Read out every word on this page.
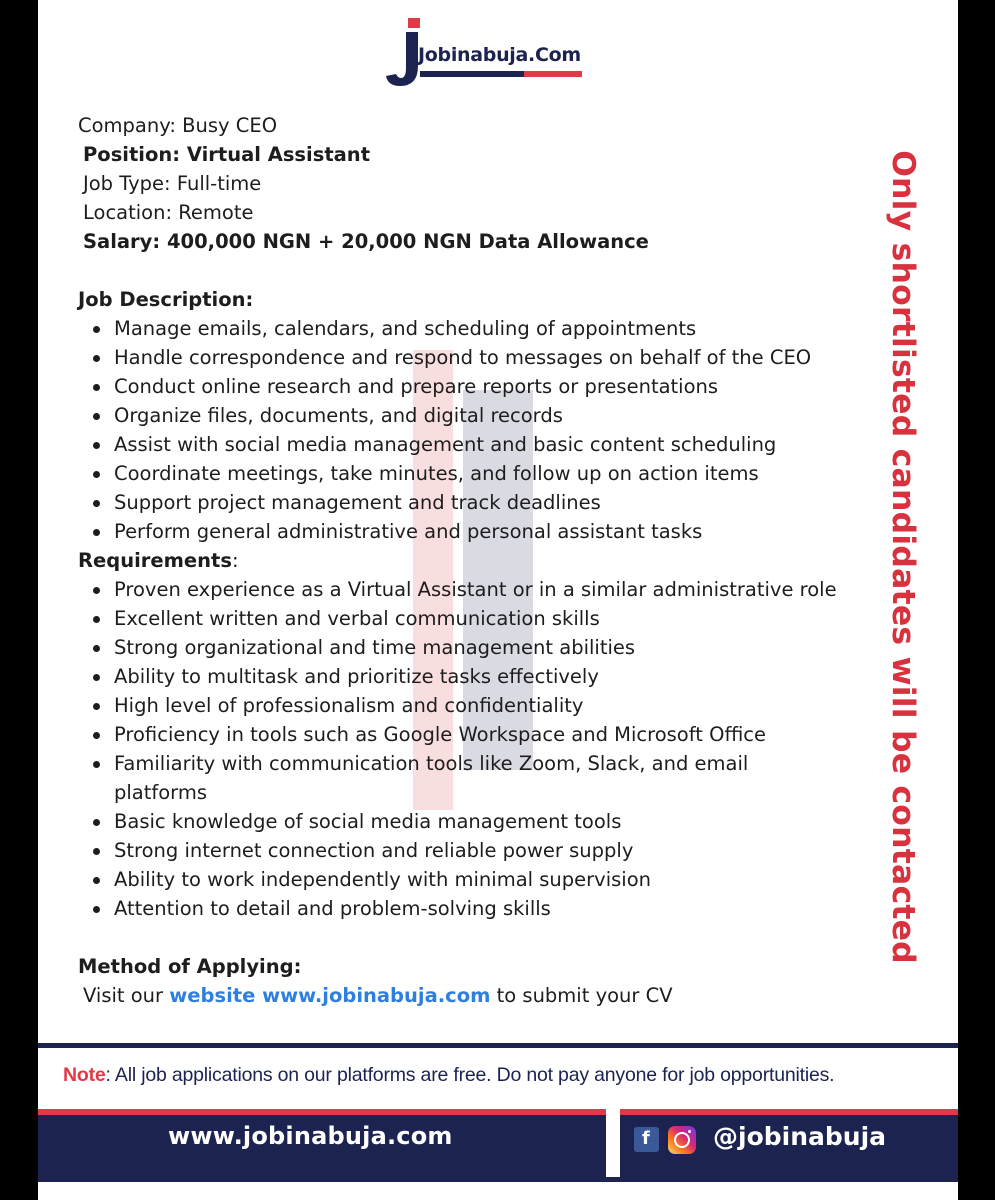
Jobinabuja.Com
Company: Busy CEO
Position: Virtual Assistant
Job Type: Full-time
Location: Remote
Salary: 400,000 NGN + 20,000 NGN Data Allowance
Job Description:
Manage emails, calendars, and scheduling of appointments
Handle correspondence and respond to messages on behalf of the CEO
Conduct online research and prepare reports or presentations
Organize files, documents, and digital records
Assist with social media management and basic content scheduling
Coordinate meetings, take minutes, and follow up on action items
Support project management and track deadlines
Perform general administrative and personal assistant tasks
Requirements:
Proven experience as a Virtual Assistant or in a similar administrative role
Excellent written and verbal communication skills
Strong organizational and time management abilities
Ability to multitask and prioritize tasks effectively
High level of professionalism and confidentiality
Proficiency in tools such as Google Workspace and Microsoft Office
Familiarity with communication tools like Zoom, Slack, and email
platforms
Basic knowledge of social media management tools
Strong internet connection and reliable power supply
Ability to work independently with minimal supervision
Attention to detail and problem-solving skills
Method of Applying:
Visit our website www.jobinabuja.com to submit your CV
Only shortlisted candidates will be contacted
Note: All job applications on our platforms are free. Do not pay anyone for job opportunities.
www.jobinabuja.com	f	@jobinabuja
